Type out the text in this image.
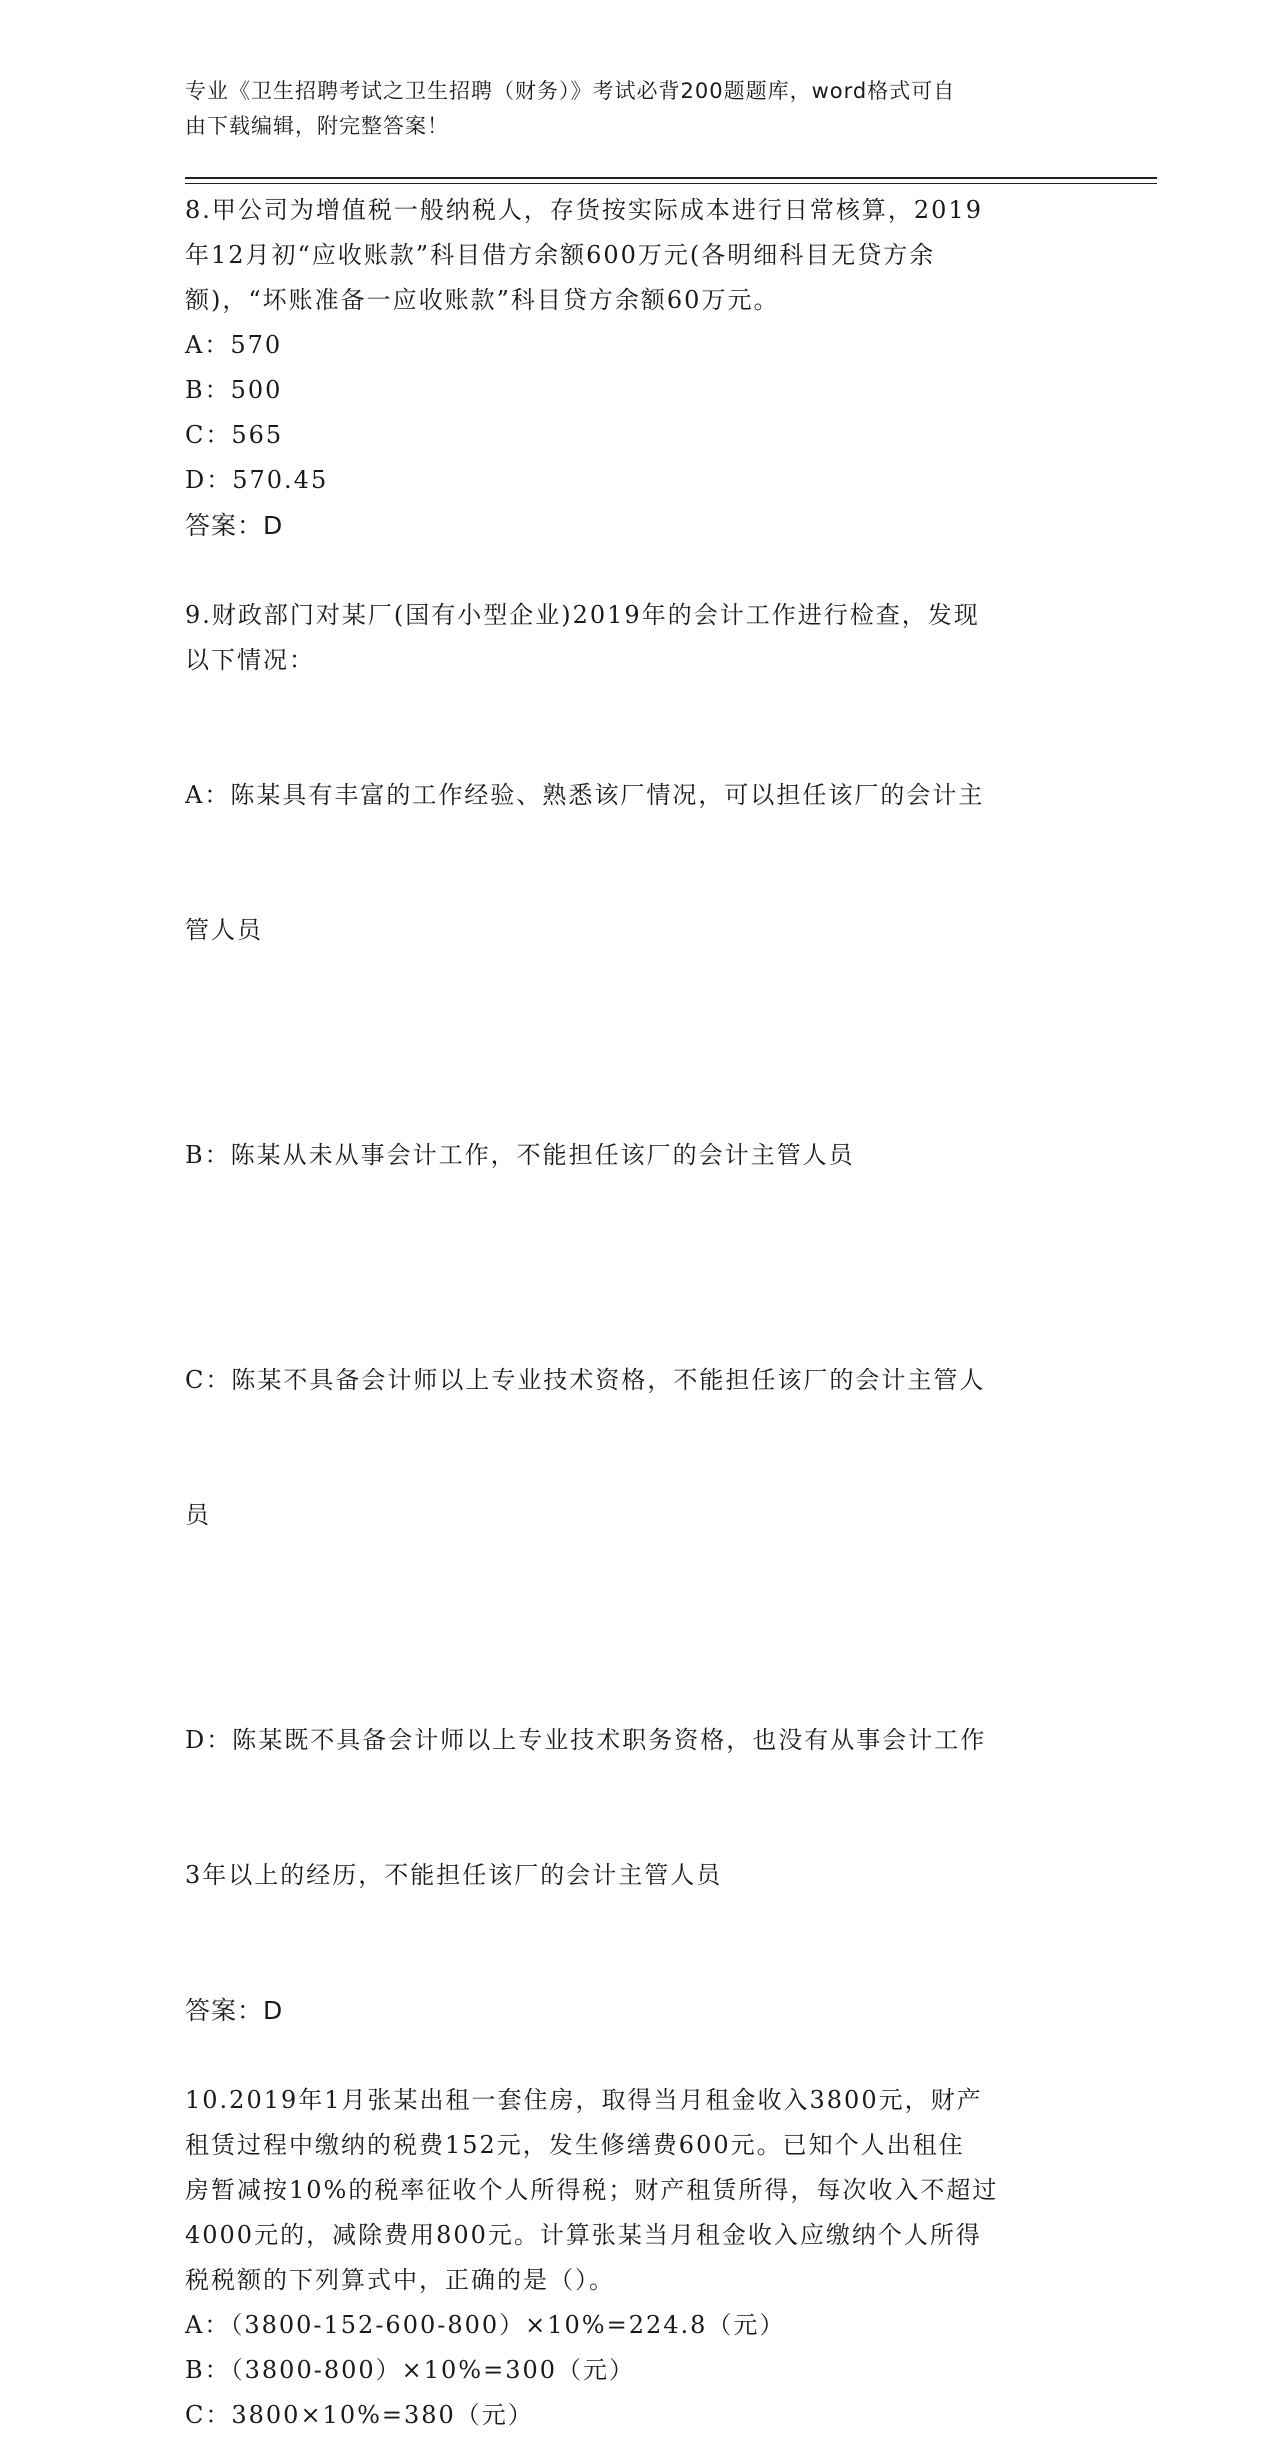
专业《卫生招聘考试之卫生招聘（财务）》考试必背200题题库，word格式可自
由下载编辑，附完整答案！
8.甲公司为增值税一般纳税人，存货按实际成本进行日常核算，2019
年12月初“应收账款”科目借方余额600万元(各明细科目无贷方余
额)，“坏账准备一应收账款”科目贷方余额60万元。
A：570
B：500
C：565
D：570.45
答案：D
9.财政部门对某厂(国有小型企业)2019年的会计工作进行检查，发现
以下情况：

A：陈某具有丰富的工作经验、熟悉该厂情况，可以担任该厂的会计主

管人员

B：陈某从未从事会计工作，不能担任该厂的会计主管人员

C：陈某不具备会计师以上专业技术资格，不能担任该厂的会计主管人

员

D：陈某既不具备会计师以上专业技术职务资格，也没有从事会计工作

3年以上的经历，不能担任该厂的会计主管人员

答案：D
10.2019年1月张某出租一套住房，取得当月租金收入3800元，财产
租赁过程中缴纳的税费152元，发生修缮费600元。已知个人出租住
房暂减按10%的税率征收个人所得税；财产租赁所得，每次收入不超过
4000元的，减除费用800元。计算张某当月租金收入应缴纳个人所得
税税额的下列算式中，正确的是（）。
A：（3800-152-600-800）×10%=224.8（元）
B：（3800-800）×10%=300（元）
C：3800×10%=380（元）
